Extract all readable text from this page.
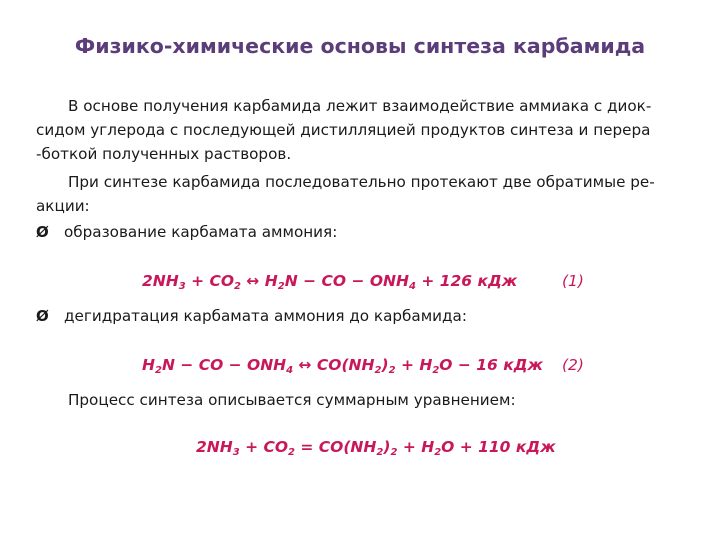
Физико-химические основы синтеза карбамида
В основе получения карбамида лежит взаимодействие аммиака с диок-
сидом углерода с последующей дистилляцией продуктов синтеза и перера
-боткой полученных растворов.
При синтезе карбамида последовательно протекают две обратимые ре-
акции:
Ø образование карбамата аммония:
$2NH_3 + CO_2$ ↔ $H_2N$ − CO − $ONH_4 + 126$ кДж	(1)
Ø дегидратация карбамата аммония до карбамида:
$H_2N$ − CO − $ONH_4$ ↔ $CO(NH_2)_2 + H_2O - 16$ кДж (2)
Процесс синтеза описывается суммарным уравнением:
$2NH_3 + CO_2 = CO(NH_2)_2 + H_2O + 110$ кДж
